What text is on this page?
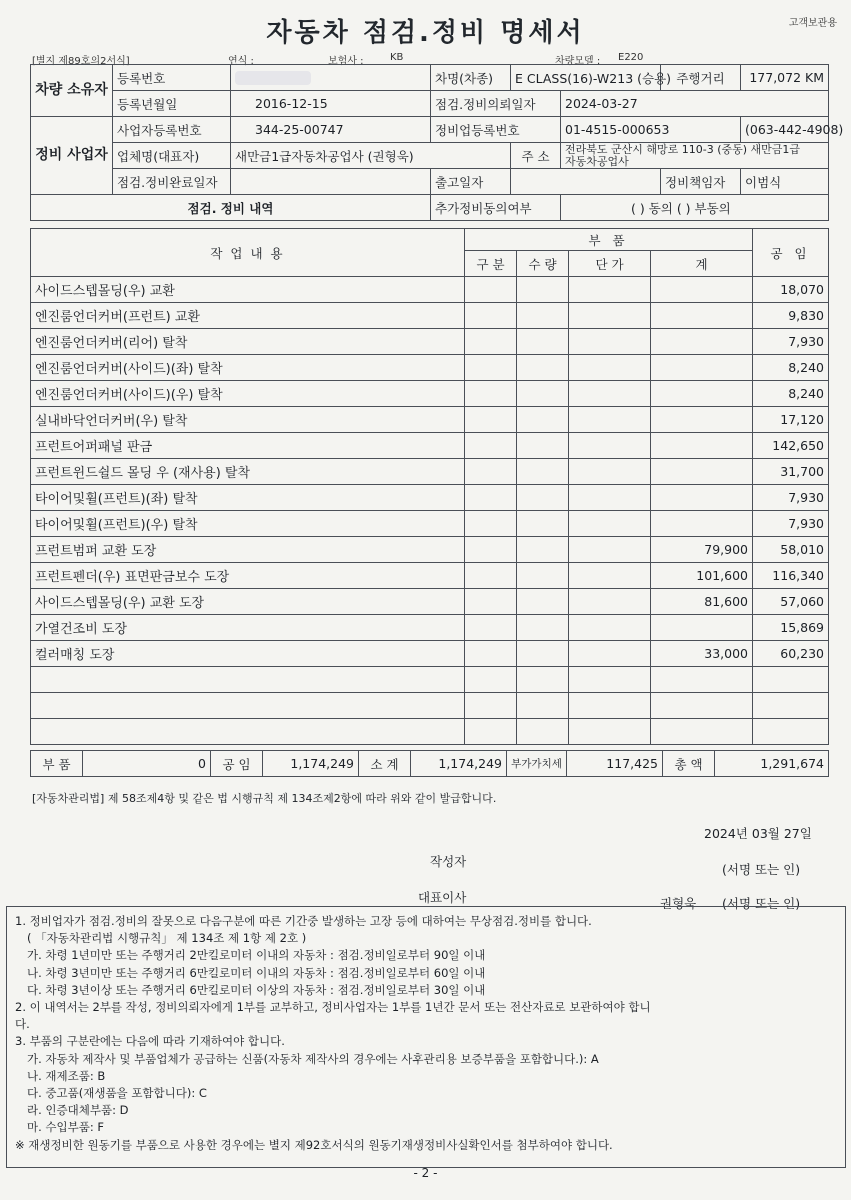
자동차 점검.정비 명세서	고객보관용
[별지 제89호의2서식]	연식 :	보험사 :	KB	차량모델 : E220
차량 소유자	등록번호		차명(차종)	E CLASS(16)-W213 (승용)		주행거리	177,072 KM
	등록년월일	2016-12-15	점검.정비의뢰일자		2024-03-27		
정비 사업자	사업자등록번호	344-25-00747	정비업등록번호		01-4515-000653		(063-442-4908)
	업체명(대표자)	새만금1급자동차공업사 (권형욱)		주 소	전라북도 군산시 해망로 110-3 (중동) 새만금1급
자동차공업사		

	점검.정비완료일자		출고일자			정비책임자	이범식
점검. 정비 내역			추가정비동의여부		( ) 동의 ( ) 부동의		
작 업 내 용	부 품				공 임
	구 분	수 량	단 가	계	
사이드스텝몰딩(우) 교환					18,070
엔진룸언더커버(프런트) 교환					9,830
엔진룸언더커버(리어) 탈착					7,930
엔진룸언더커버(사이드)(좌) 탈착					8,240
엔진룸언더커버(사이드)(우) 탈착					8,240
실내바닥언더커버(우) 탈착					17,120
프런트어퍼패널 판금					142,650
프런트윈드쉴드 몰딩 우 (재사용) 탈착					31,700
타이어및휠(프런트)(좌) 탈착					7,930
타이어및휠(프런트)(우) 탈착					7,930
프런트범퍼 교환 도장				79,900	58,010
프런트펜더(우) 표면판금보수 도장				101,600	116,340
사이드스텝몰딩(우) 교환 도장				81,600	57,060
가열건조비 도장					15,869
컬러매칭 도장				33,000	60,230

부 품	0	공 임	1,174,249	소 계	1,174,249	부가가치세	117,425	총 액	1,291,674
[자동차관리법] 제 58조제4항 및 같은 법 시행규칙 제 134조제2항에 따라 위와 같이 발급합니다.
2024년 03월 27일
작성자
(서명 또는 인)
대표이사	권형욱 (서명 또는 인)
1. 정비업자가 점검.정비의 잘못으로 다음구분에 따른 기간중 발생하는 고장 등에 대하여는 무상점검.정비를 합니다.
( 「자동차관리법 시행규칙」 제 134조 제 1항 제 2호 )
가. 차령 1년미만 또는 주행거리 2만킬로미터 이내의 자동차 : 점검.정비일로부터 90일 이내
나. 차령 3년미만 또는 주행거리 6만킬로미터 이내의 자동차 : 점검.정비일로부터 60일 이내
다. 차령 3년이상 또는 주행거리 6만킬로미터 이상의 자동차 : 점검.정비일로부터 30일 이내
2. 이 내역서는 2부를 작성, 정비의뢰자에게 1부를 교부하고, 정비사업자는 1부를 1년간 문서 또는 전산자료로 보관하여야 합니
다.
3. 부품의 구분란에는 다음에 따라 기재하여야 합니다.
가. 자동차 제작사 및 부품업체가 공급하는 신품(자동차 제작사의 경우에는 사후관리용 보증부품을 포함합니다.): A
나. 재제조품: B
다. 중고품(재생품을 포함합니다): C
라. 인증대체부품: D
마. 수입부품: F
※ 재생정비한 원동기를 부품으로 사용한 경우에는 별지 제92호서식의 원동기재생정비사실확인서를 첨부하여야 합니다.
- 2 -
